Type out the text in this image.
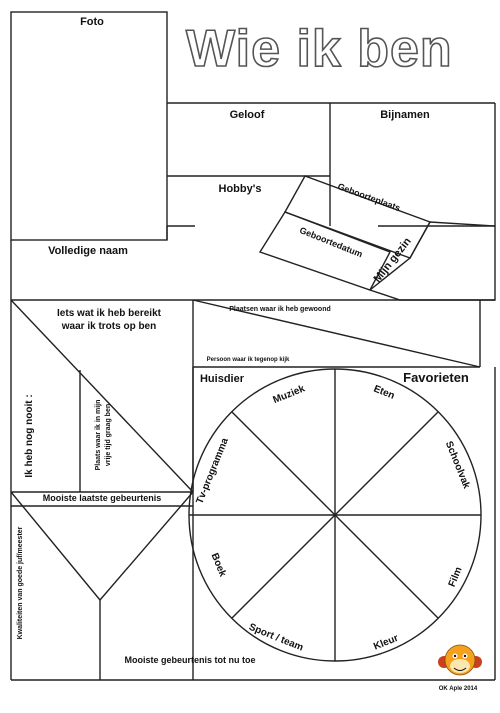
Wie ik ben
Foto
Geloof	Bijnamen
Hobby's	Geboorteplaats
Geboortedatum Mijn gezin
Volledige naam
Iets wat ik heb bereikt
waar ik trots op ben
Plaatsen waar ik heb gewoond
Persoon waar ik tegenop kijk
Ik heb nog nooit :	Plaats waar ik in mijn vrije tijd graag ben
Huisdier	Favorieten
Mooiste laatste gebeurtenis
Kwaliteiten van goede juf/meester
Mooiste gebeurtenis tot nu toe
Muziek	Eten
Schoolvak
Film
Kleur
Sport / team
Boek
Tv-programma
OK Aple 2014
